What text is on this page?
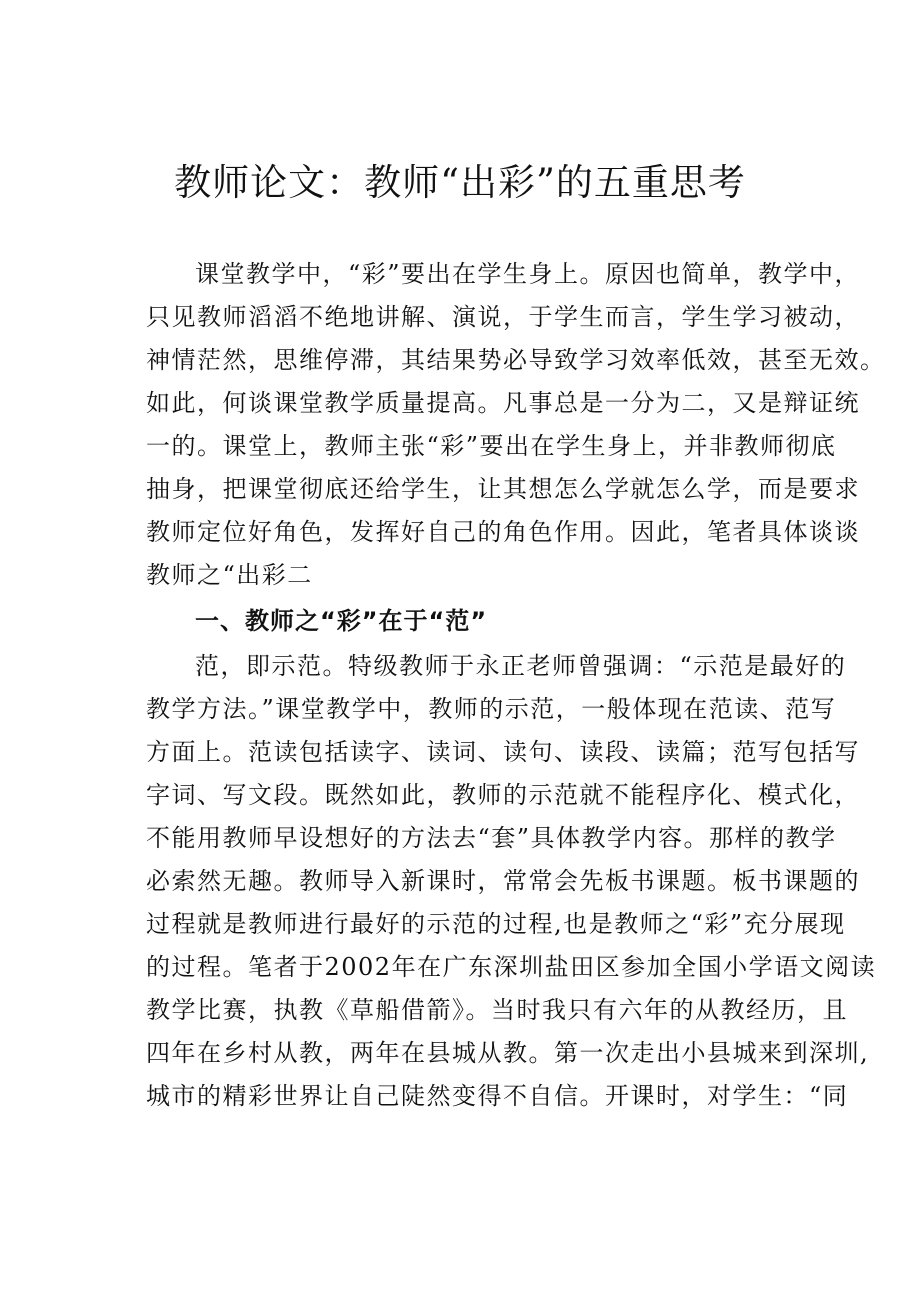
教师论文：教师“出彩”的五重思考
课堂教学中，“彩”要出在学生身上。原因也简单，教学中，
只见教师滔滔不绝地讲解、演说，于学生而言，学生学习被动，
神情茫然，思维停滞，其结果势必导致学习效率低效，甚至无效。
如此，何谈课堂教学质量提高。凡事总是一分为二，又是辩证统
一的。课堂上，教师主张“彩”要出在学生身上，并非教师彻底
抽身，把课堂彻底还给学生，让其想怎么学就怎么学，而是要求
教师定位好角色，发挥好自己的角色作用。因此，笔者具体谈谈
教师之“出彩二
一、教师之“彩”在于“范”
范，即示范。特级教师于永正老师曾强调：“示范是最好的
教学方法。”课堂教学中，教师的示范，一般体现在范读、范写
方面上。范读包括读字、读词、读句、读段、读篇；范写包括写
字词、写文段。既然如此，教师的示范就不能程序化、模式化，
不能用教师早设想好的方法去“套”具体教学内容。那样的教学
必索然无趣。教师导入新课时，常常会先板书课题。板书课题的
过程就是教师进行最好的示范的过程,也是教师之“彩”充分展现
的过程。笔者于2002年在广东深圳盐田区参加全国小学语文阅读
教学比赛，执教《草船借箭》。当时我只有六年的从教经历，且
四年在乡村从教，两年在县城从教。第一次走出小县城来到深圳,
城市的精彩世界让自己陡然变得不自信。开课时，对学生：“同
